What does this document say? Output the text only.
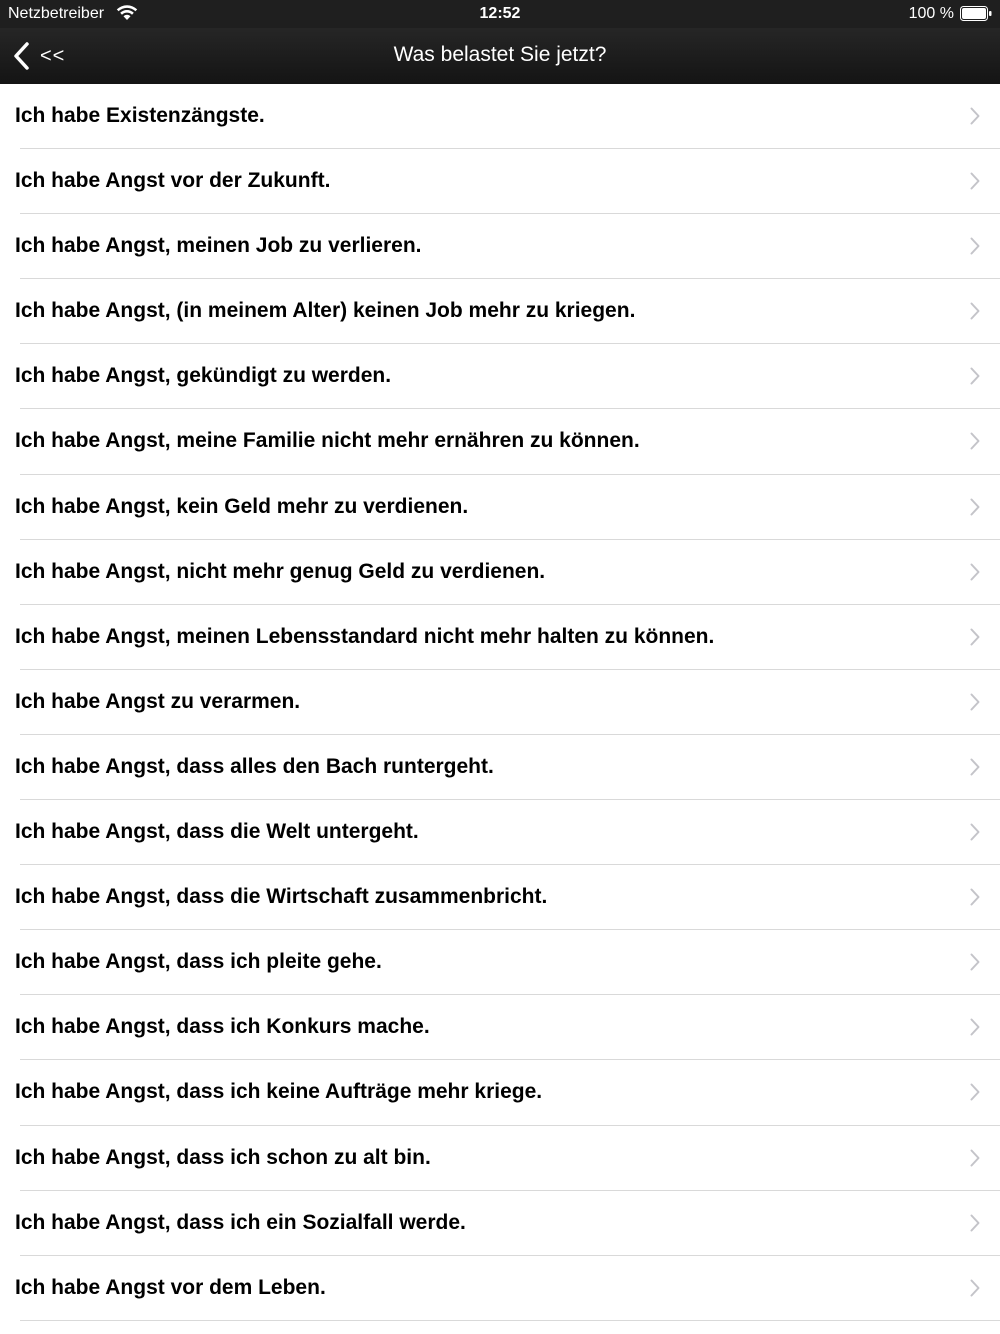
Netzbetreiber	12:52	100 %
<<	Was belastet Sie jetzt?
Ich habe Existenzängste.
Ich habe Angst vor der Zukunft.
Ich habe Angst, meinen Job zu verlieren.
Ich habe Angst, (in meinem Alter) keinen Job mehr zu kriegen.
Ich habe Angst, gekündigt zu werden.
Ich habe Angst, meine Familie nicht mehr ernähren zu können.
Ich habe Angst, kein Geld mehr zu verdienen.
Ich habe Angst, nicht mehr genug Geld zu verdienen.
Ich habe Angst, meinen Lebensstandard nicht mehr halten zu können.
Ich habe Angst zu verarmen.
Ich habe Angst, dass alles den Bach runtergeht.
Ich habe Angst, dass die Welt untergeht.
Ich habe Angst, dass die Wirtschaft zusammenbricht.
Ich habe Angst, dass ich pleite gehe.
Ich habe Angst, dass ich Konkurs mache.
Ich habe Angst, dass ich keine Aufträge mehr kriege.
Ich habe Angst, dass ich schon zu alt bin.
Ich habe Angst, dass ich ein Sozialfall werde.
Ich habe Angst vor dem Leben.
